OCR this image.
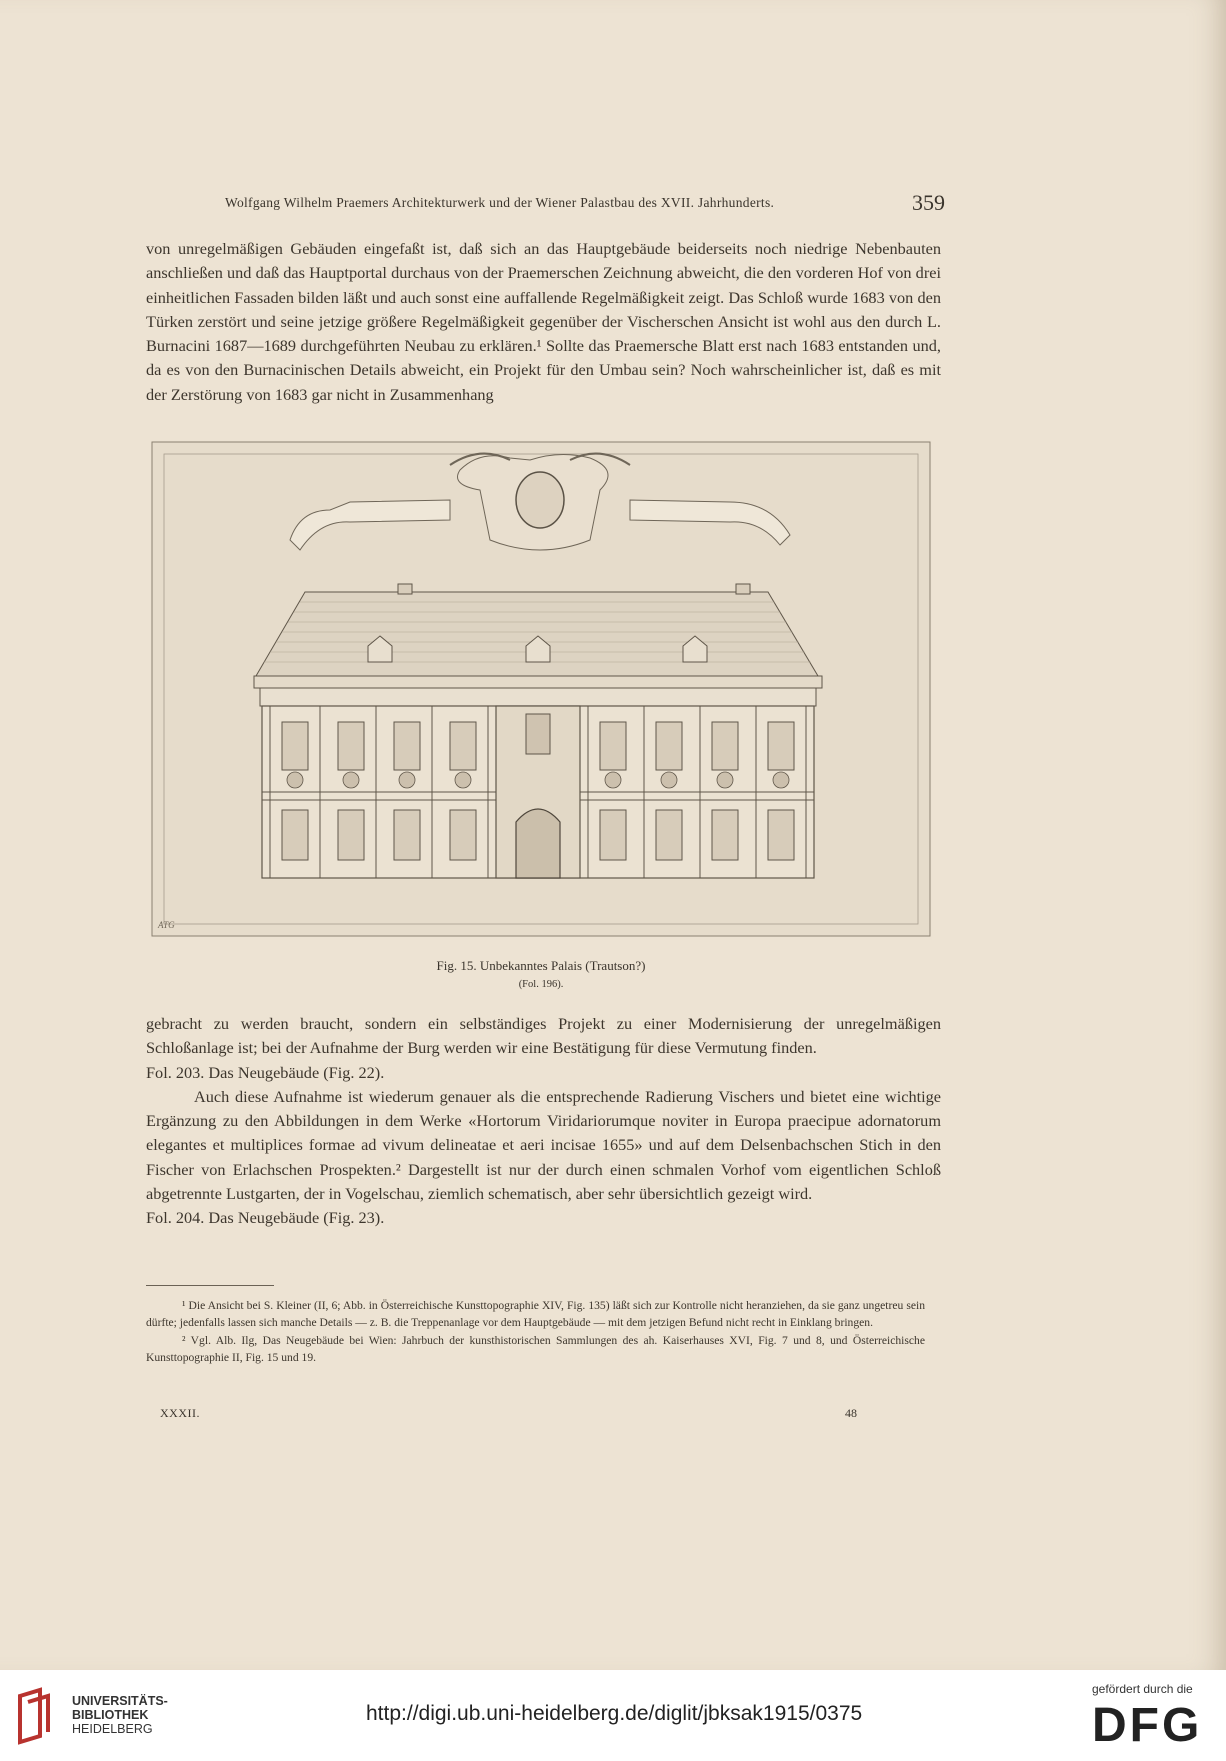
Wolfgang Wilhelm Praemers Architekturwerk und der Wiener Palastbau des XVII. Jahrhunderts.	359

von unregelmäßigen Gebäuden eingefaßt ist, daß sich an das Hauptgebäude beiderseits noch niedrige Nebenbauten anschließen und daß das Hauptportal durchaus von der Praemerschen Zeichnung abweicht, die den vorderen Hof von drei einheitlichen Fassaden bilden läßt und auch sonst eine auffallende Regelmäßigkeit zeigt. Das Schloß wurde 1683 von den Türken zerstört und seine jetzige größere Regelmäßigkeit gegenüber der Vischerschen Ansicht ist wohl aus den durch L. Burnacini 1687—1689 durchgeführten Neubau zu erklären.¹ Sollte das Praemersche Blatt erst nach 1683 entstanden und, da es von den Burnacinischen Details abweicht, ein Projekt für den Umbau sein? Noch wahrscheinlicher ist, daß es mit der Zerstörung von 1683 gar nicht in Zusammenhang

ATG
Fig. 15. Unbekanntes Palais (Trautson?)
(Fol. 196).

gebracht zu werden braucht, sondern ein selbständiges Projekt zu einer Modernisierung der unregelmäßigen Schloßanlage ist; bei der Aufnahme der Burg werden wir eine Bestätigung für diese Vermutung finden.

Fol. 203. Das Neugebäude (Fig. 22).

Auch diese Aufnahme ist wiederum genauer als die entsprechende Radierung Vischers und bietet eine wichtige Ergänzung zu den Abbildungen in dem Werke «Hortorum Viridariorumque noviter in Europa praecipue adornatorum elegantes et multiplices formae ad vivum delineatae et aeri incisae 1655» und auf dem Delsenbachschen Stich in den Fischer von Erlachschen Prospekten.² Dargestellt ist nur der durch einen schmalen Vorhof vom eigentlichen Schloß abgetrennte Lustgarten, der in Vogelschau, ziemlich schematisch, aber sehr übersichtlich gezeigt wird.

Fol. 204. Das Neugebäude (Fig. 23).

¹ Die Ansicht bei S. Kleiner (II, 6; Abb. in Österreichische Kunsttopographie XIV, Fig. 135) läßt sich zur Kontrolle nicht heranziehen, da sie ganz ungetreu sein dürfte; jedenfalls lassen sich manche Details — z. B. die Treppenanlage vor dem Hauptgebäude — mit dem jetzigen Befund nicht recht in Einklang bringen.

² Vgl. Alb. Ilg, Das Neugebäude bei Wien: Jahrbuch der kunsthistorischen Sammlungen des ah. Kaiserhauses XVI, Fig. 7 und 8, und Österreichische Kunsttopographie II, Fig. 15 und 19.

XXXII.	48
UNIVERSITÄTS-
BIBLIOTHEK
HEIDELBERG
http://digi.ub.uni-heidelberg.de/diglit/jbksak1915/0375
gefördert durch die
DFG
